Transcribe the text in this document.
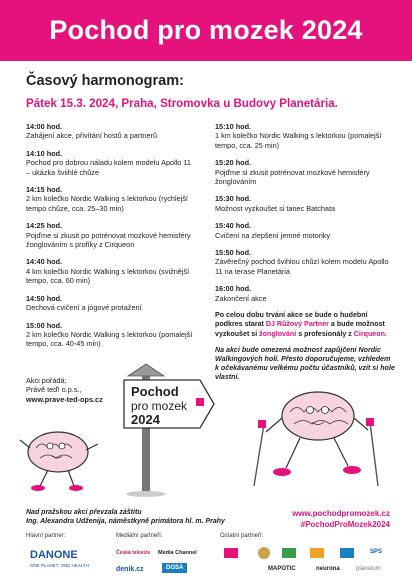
Pochod pro mozek 2024
Časový harmonogram:
Pátek 15.3. 2024, Praha, Stromovka u Budovy Planetária.
14:00 hod.
Zahájení akce, přivítání hostů a partnerů
14:10 hod.
Pochod pro dobrou náladu kolem modelu Apollo 11 – ukázka šviihlé chůze
14:15 hod.
2 km kolečko Nordic Walking s lektorkou (rychlejší tempo chůze, cca. 25–30 min)
14:25 hod.
Pojďme si zkusit po potrénovat mozkové hemisféry žonglováním s profíky z Cirqueon
14:40 hod.
4 km kolečko Nordic Walking s lektorkou (svižnější tempo, cca. 60 min)
14:50 hod.
Dechová cvičení a jógové protažení
15:00 hod.
2 km kolečko Nordic Walking s lektorkou (pomalejší tempo, cca. 40-45 min)
15:10 hod.
1 km kolečko Nordic Walking s lektorkou (pomalejší tempo, cca. 25 min)
15:20 hod.
Pojďme si zkusit potrénovat mozkové hemisféry žonglováním
15:30 hod.
Možnost vyzkoušet si tanec Batchata
15:40 hod.
Cvičení na zlepšení jemné motoriky
15:50 hod.
Závěrečný pochod švihlou chůzí kolem modelu Apollo 11 na terase Planetária
16:00 hod.
Zakončení akce
Po celou dobu trvání akce se bude o hudební podkres starat DJ Růžový Partner a bude možnost vyzkoušet si žonglování s profesionály z Cirqueon.
Na akci bude omezená možnost zapůjčení Nordic Walkingových holí. Přesto doporučujeme, vzhledem k očekávanému velkému počtu účastníků, vzít si hole vlastní.
Akci pořádá:
Právě teď! o.p.s.,
www.prave-ted-ops.cz
Pochod
pro mozek
2024
Nad pražskou akcí převzala záštitu
Ing. Alexandra Udženija, náměstkyně primátora hl. m. Prahy
www.pochodpromozek.cz
#PochodProMozek2024
Hlavní partner:	Mediální partneři:	Ostatní partneři:
DANONE
ONE PLANET. ONE HEALTH
Česká televize Media Channel
denik.cz	DOSA
SPS
MAPOTIC	neurona	planetum
